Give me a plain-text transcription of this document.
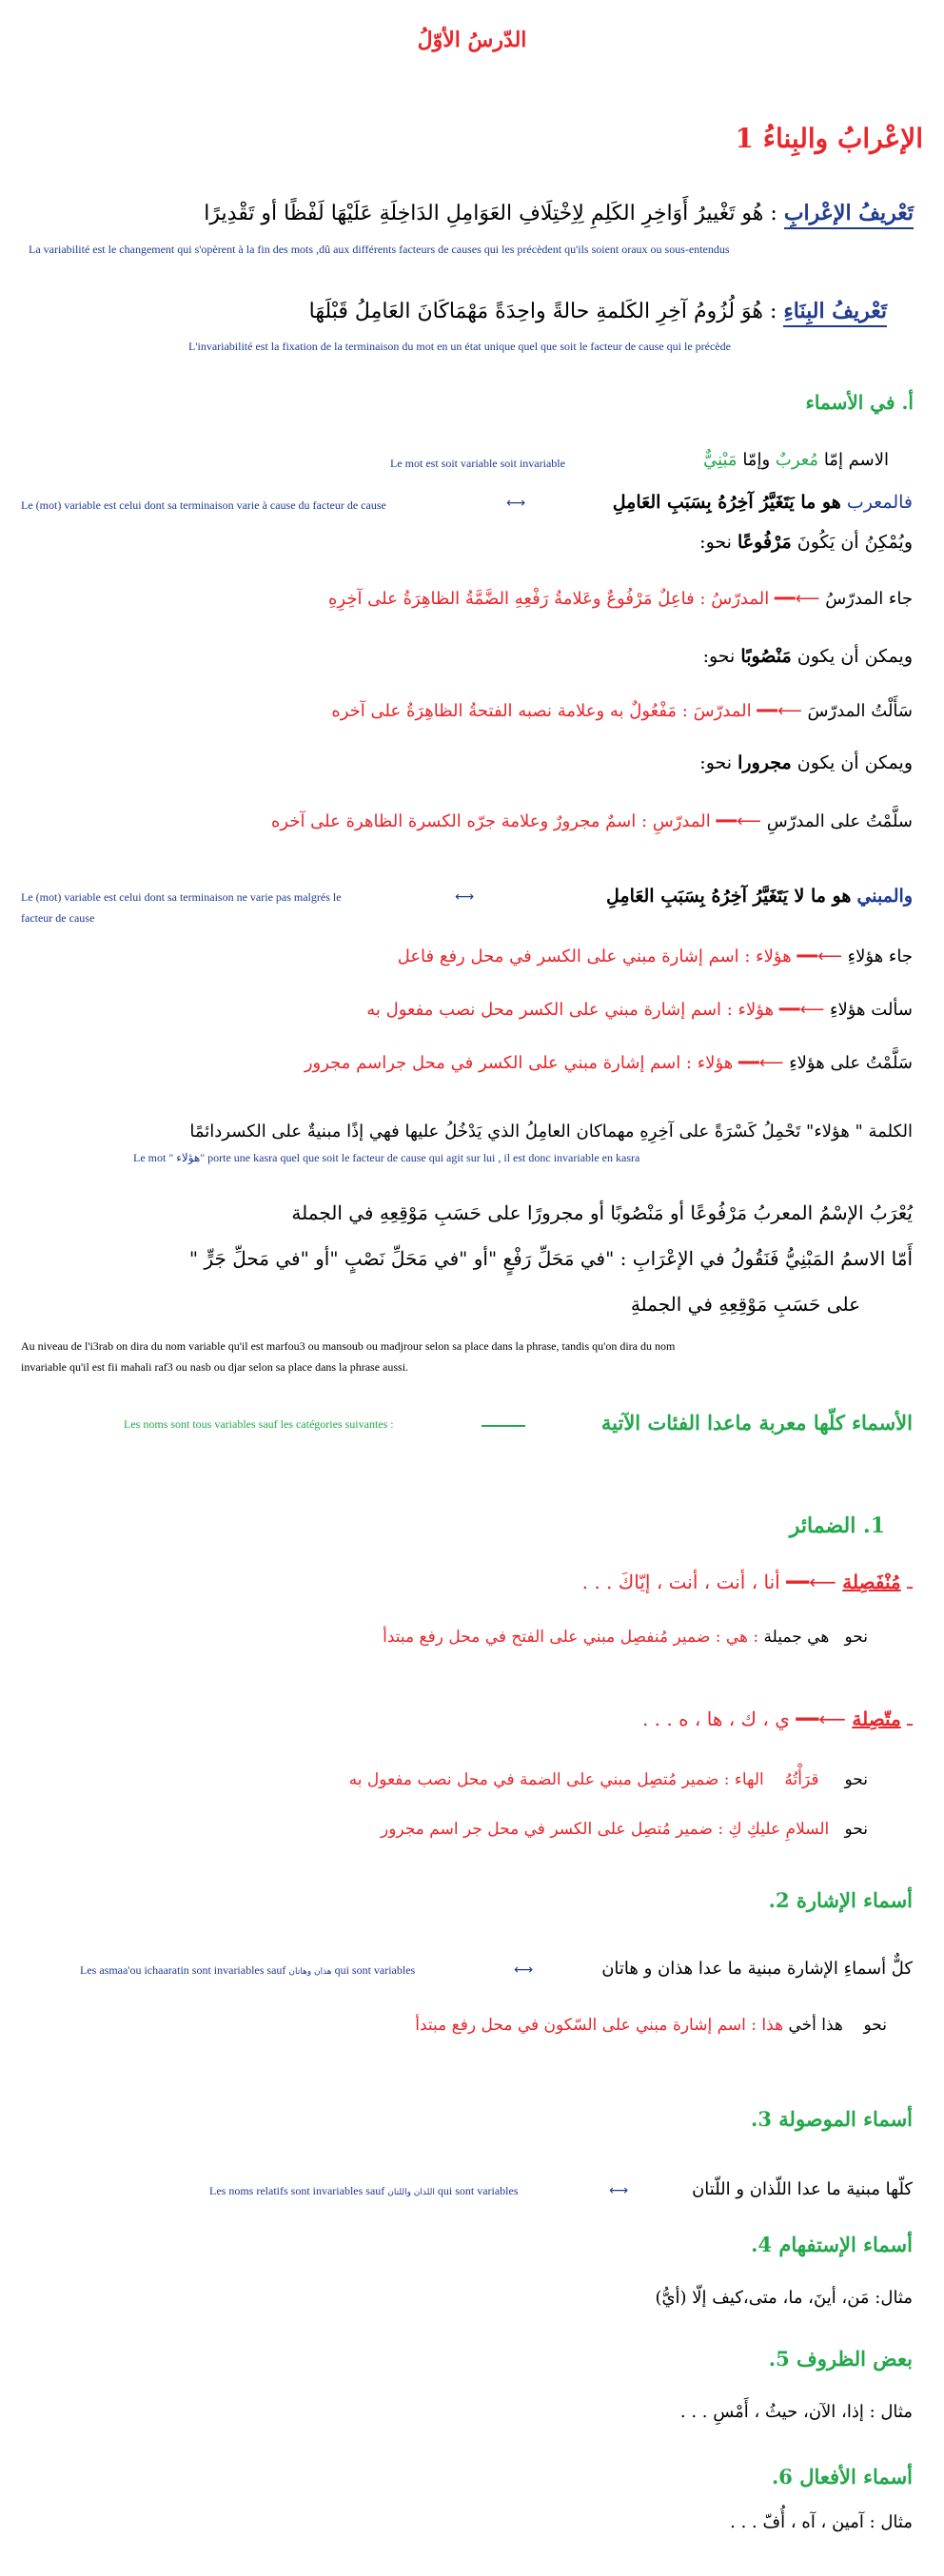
الدّرسُ الأوّلُ
الإعْرابُ والبِناءُ 1
تَعْريفُ الإعْرابِ : هُو تَغْييرُ أَوَاخِرِ الكَلِمِ لِاِخْتِلَافِ العَوَامِلِ الدَاخِلَةِ عَلَيْهَا لَفْظًا أو تَقْدِيرًا
La variabilité est le changement qui s'opèrent à la fin des mots ,dû aux différents facteurs de causes qui les précèdent qu'ils soient oraux ou sous-entendus
تَعْريفُ البِنَاءِ : هُوَ لُزُومُ آخِرِ الكَلمةِ حالةً واحِدَةً مَهْمَاكَانَ العَامِلُ قَبْلَهَا
L'invariabilité est la fixation de la terminaison du mot en un état unique quel que soit le facteur de cause qui le précède
أ. في الأسماء
الاسم إمّا مُعربٌ وإمّا مَبْنِيٌّ
Le mot est soit variable soit invariable
فالمعرب هو ما يَتَغَيَّرُ آخِرُهُ بِسَبَبِ العَامِلِ
Le (mot) variable est celui dont sa terminaison varie à cause du facteur de cause	⟷
ويُمْكِنُ أن يَكُونَ مَرْفُوعًا نحو:
جاء المدرّسُ ⟵━━ المدرّسُ : فاعِلٌ مَرْفُوعٌ وعَلامةُ رَفْعِهِ الضَّمَّةُ الظاهِرَةُ على آخِرِهِ
ويمكن أن يكون مَنْصُوبًا نحو:
سَأَلْتُ المدرّسَ ⟵━━ المدرّسَ : مَفْعُولٌ به وعلامة نصبه الفتحةُ الظاهِرَةُ على آخره
ويمكن أن يكون مجرورا نحو:
سلَّمْتُ على المدرّسِ ⟵━━ المدرّسِ : اسمٌ مجرورٌ وعلامة جرّه الكسرة الظاهرة على آخره
والمبني هو ما لا يَتَغَيَّرُ آخِرُهُ بِسَبَبِ العَامِلِ
⟷
Le (mot) variable est celui dont sa terminaison ne varie pas malgrés le
facteur de cause
جاء هؤلاءِ ⟵━━ هؤلاء : اسم إشارة مبني على الكسر في محل رفع فاعل
سألت هؤلاءِ ⟵━━ هؤلاء : اسم إشارة مبني على الكسر محل نصب مفعول به
سَلَّمْتُ على هؤلاءِ ⟵━━ هؤلاء : اسم إشارة مبني على الكسر في محل جراسم مجرور
الكلمة " هؤلاء" تَحْمِلُ كَسْرَةً على آخِرِهِ مهماكان العامِلُ الذي يَدْخُلُ عليها فهي إذًا مبنيةٌ على الكسردائمًا
Le mot " هؤلاء" porte une kasra quel que soit le facteur de cause qui agit sur lui , il est donc invariable en kasra
يُعْرَبُ الإسْمُ المعربُ مَرْفُوعًا أو مَنْصُوبًا أو مجرورًا على حَسَبِ مَوْقِعِهِ في الجملة
أَمّا الاسمُ المَبْنِيُّ فَنَقُولُ في الإعْرَابِ : "في مَحَلِّ رَفْعٍ "أو "في مَحَلِّ نَصْبٍ "أو "في مَحلِّ جَرٍّ "
على حَسَبِ مَوْقِعِهِ في الجملةِ
Au niveau de l'i3rab on dira du nom variable qu'il est marfou3 ou mansoub ou madjrour selon sa place dans la phrase, tandis qu'on dira du nom
invariable qu'il est fii mahali raf3 ou nasb ou djar selon sa place dans la phrase aussi.
الأسماء كلّها معربة ماعدا الفئات الآتية
Les noms sont tous variables sauf les catégories suivantes :
1. الضمائر
ـ مُنْفَصِلة ⟵━━ أنا ، أنت ، أنت ، إيّاكَ . . .
نحو   هي جميلة : هي : ضمير مُنفصِل مبني على الفتح في محل رفع مبتدأ
ـ متّصِلة ⟵━━ ي ، ك ، ها ، ه . . .
نحو     قرَأْتُهُ    الهاء : ضمير مُتصِل مبني على الضمة في محل نصب مفعول به
نحو   السلامِ عليكِ كِ : ضمير مُتصِل على الكسر في محل جر اسم مجرور
أسماء الإشارة 2.
كلٌّ أسماءِ الإشارة مبنية ما عدا هذان و هاتان
⟷
Les asmaa'ou ichaaratin sont invariables sauf هذان وهاتان qui sont variables
نحو    هذا أخي هذا : اسم إشارة مبني على السّكون في محل رفع مبتدأ
أسماء الموصولة 3.
كلّها مبنية ما عدا اللّذان و اللّتان
⟷
Les noms relatifs sont invariables sauf اللذان واللتان qui sont variables
أسماء الإستفهام 4.
مثال: مَن، أينَ، ما، متى،كيف إلّا (أيُّ)
بعض الظروف 5.
مثال : إذا، الآن، حيثُ ، أَمْسِ . . .
أسماء الأفعال 6.
مثال : آمين ، آه ، أُفّ . . .
